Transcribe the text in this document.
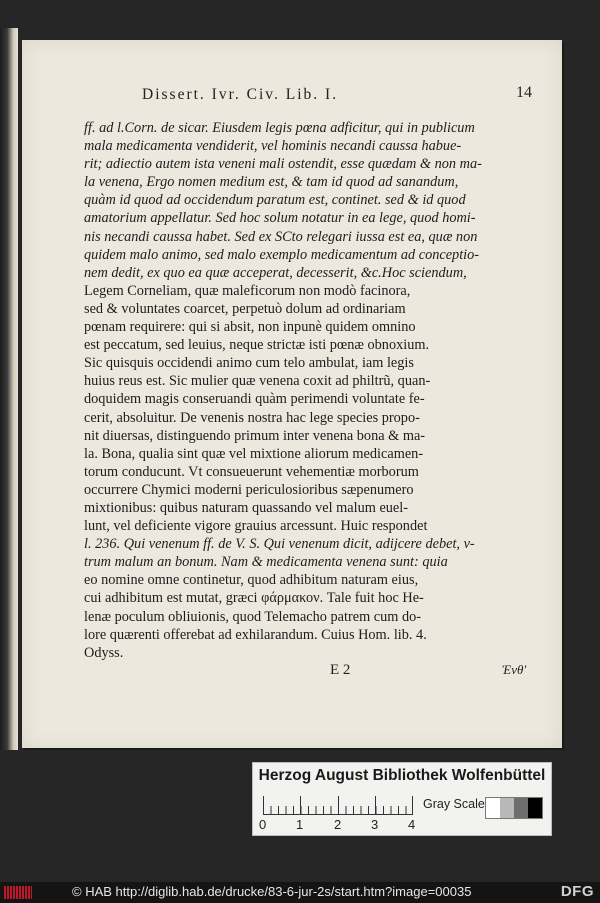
Dissert. Ivr. Civ. Lib. I.	14
ff. ad l.Corn. de sicar. Eiusdem legis pœna adficitur, qui in publicum
mala medicamenta vendiderit, vel hominis necandi caussa habue-
rit; adiectio autem ista veneni mali ostendit, esse quædam & non ma-
la venena, Ergo nomen medium est, & tam id quod ad sanandum,
quàm id quod ad occidendum paratum est, continet. sed & id quod
amatorium appellatur. Sed hoc solum notatur in ea lege, quod homi-
nis necandi caussa habet. Sed ex SCto relegari iussa est ea, quæ non
quidem malo animo, sed malo exemplo medicamentum ad conceptio-
nem dedit, ex quo ea quæ acceperat, decesserit, &c.Hoc sciendum,
Legem Corneliam, quæ maleficorum non modò facinora,
sed & voluntates coarcet, perpetuò dolum ad ordinariam
pœnam requirere: qui si absit, non inpunè quidem omnino
est peccatum, sed leuius, neque strictæ isti pœnæ obnoxium.
Sic quisquis occidendi animo cum telo ambulat, iam legis
huius reus est. Sic mulier quæ venena coxit ad philtrũ, quan-
doquidem magis conseruandi quàm perimendi voluntate fe-
cerit, absoluitur. De venenis nostra hac lege species propo-
nit diuersas, distinguendo primum inter venena bona & ma-
la. Bona, qualia sint quæ vel mixtione aliorum medicamen-
torum conducunt. Vt consueuerunt vehementiæ morborum
occurrere Chymici moderni periculosioribus sæpenumero
mixtionibus: quibus naturam quassando vel malum euel-
lunt, vel deficiente vigore grauius arcessunt. Huic respondet
l. 236. Qui venenum ff. de V. S. Qui venenum dicit, adijcere debet, v-
trum malum an bonum. Nam & medicamenta venena sunt: quia
eo nomine omne continetur, quod adhibitum naturam eius,
cui adhibitum est mutat, græci φάρμακον. Tale fuit hoc He-
lenæ poculum obliuionis, quod Telemacho patrem cum do-
lore quærenti offerebat ad exhilarandum. Cuius Hom. lib. 4.
Odyss.
E 2	Ἐνθ'
Herzog August Bibliothek Wolfenbüttel
0 1 2 3 4
Gray Scale
© HAB http://diglib.hab.de/drucke/83-6-jur-2s/start.htm?image=00035	DFG
